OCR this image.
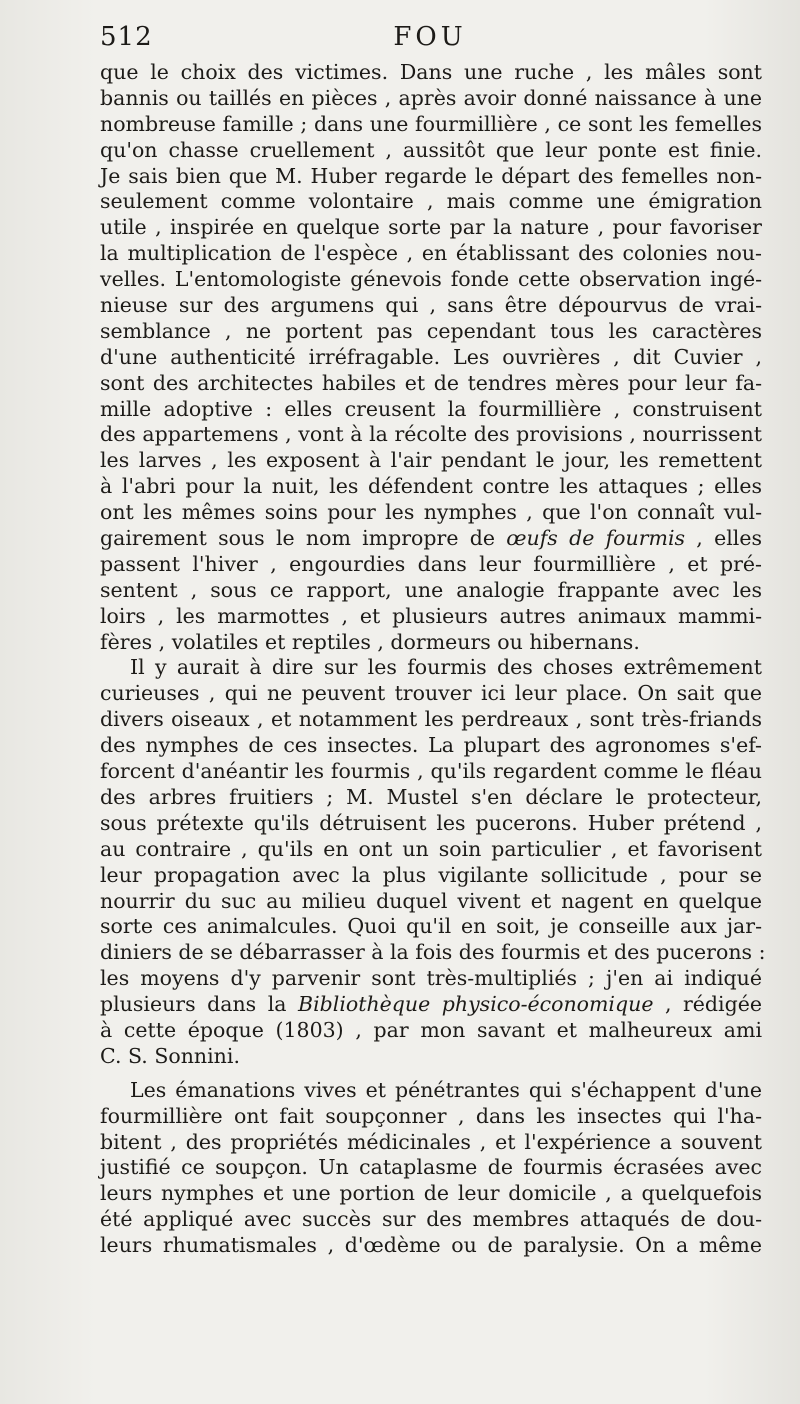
512	FOU
que le choix des victimes. Dans une ruche , les mâles sont
bannis ou taillés en pièces , après avoir donné naissance à une
nombreuse famille ; dans une fourmillière , ce sont les femelles
qu'on chasse cruellement , aussitôt que leur ponte est finie.
Je sais bien que M. Huber regarde le départ des femelles non-
seulement comme volontaire , mais comme une émigration
utile , inspirée en quelque sorte par la nature , pour favoriser
la multiplication de l'espèce , en établissant des colonies nou-
velles. L'entomologiste génevois fonde cette observation ingé-
nieuse sur des argumens qui , sans être dépourvus de vrai-
semblance , ne portent pas cependant tous les caractères
d'une authenticité irréfragable. Les ouvrières , dit Cuvier ,
sont des architectes habiles et de tendres mères pour leur fa-
mille adoptive : elles creusent la fourmillière , construisent
des appartemens , vont à la récolte des provisions , nourrissent
les larves , les exposent à l'air pendant le jour, les remettent
à l'abri pour la nuit, les défendent contre les attaques ; elles
ont les mêmes soins pour les nymphes , que l'on connaît vul-
gairement sous le nom impropre de œufs de fourmis , elles
passent l'hiver , engourdies dans leur fourmillière , et pré-
sentent , sous ce rapport, une analogie frappante avec les
loirs , les marmottes , et plusieurs autres animaux mammi-
fères , volatiles et reptiles , dormeurs ou hibernans.
Il y aurait à dire sur les fourmis des choses extrêmement
curieuses , qui ne peuvent trouver ici leur place. On sait que
divers oiseaux , et notamment les perdreaux , sont très-friands
des nymphes de ces insectes. La plupart des agronomes s'ef-
forcent d'anéantir les fourmis , qu'ils regardent comme le fléau
des arbres fruitiers ; M. Mustel s'en déclare le protecteur,
sous prétexte qu'ils détruisent les pucerons. Huber prétend ,
au contraire , qu'ils en ont un soin particulier , et favorisent
leur propagation avec la plus vigilante sollicitude , pour se
nourrir du suc au milieu duquel vivent et nagent en quelque
sorte ces animalcules. Quoi qu'il en soit, je conseille aux jar-
diniers de se débarrasser à la fois des fourmis et des pucerons :
les moyens d'y parvenir sont très-multipliés ; j'en ai indiqué
plusieurs dans la Bibliothèque physico-économique , rédigée
à cette époque (1803) , par mon savant et malheureux ami
C. S. Sonnini.
Les émanations vives et pénétrantes qui s'échappent d'une
fourmillière ont fait soupçonner , dans les insectes qui l'ha-
bitent , des propriétés médicinales , et l'expérience a souvent
justifié ce soupçon. Un cataplasme de fourmis écrasées avec
leurs nymphes et une portion de leur domicile , a quelquefois
été appliqué avec succès sur des membres attaqués de dou-
leurs rhumatismales , d'œdème ou de paralysie. On a même
